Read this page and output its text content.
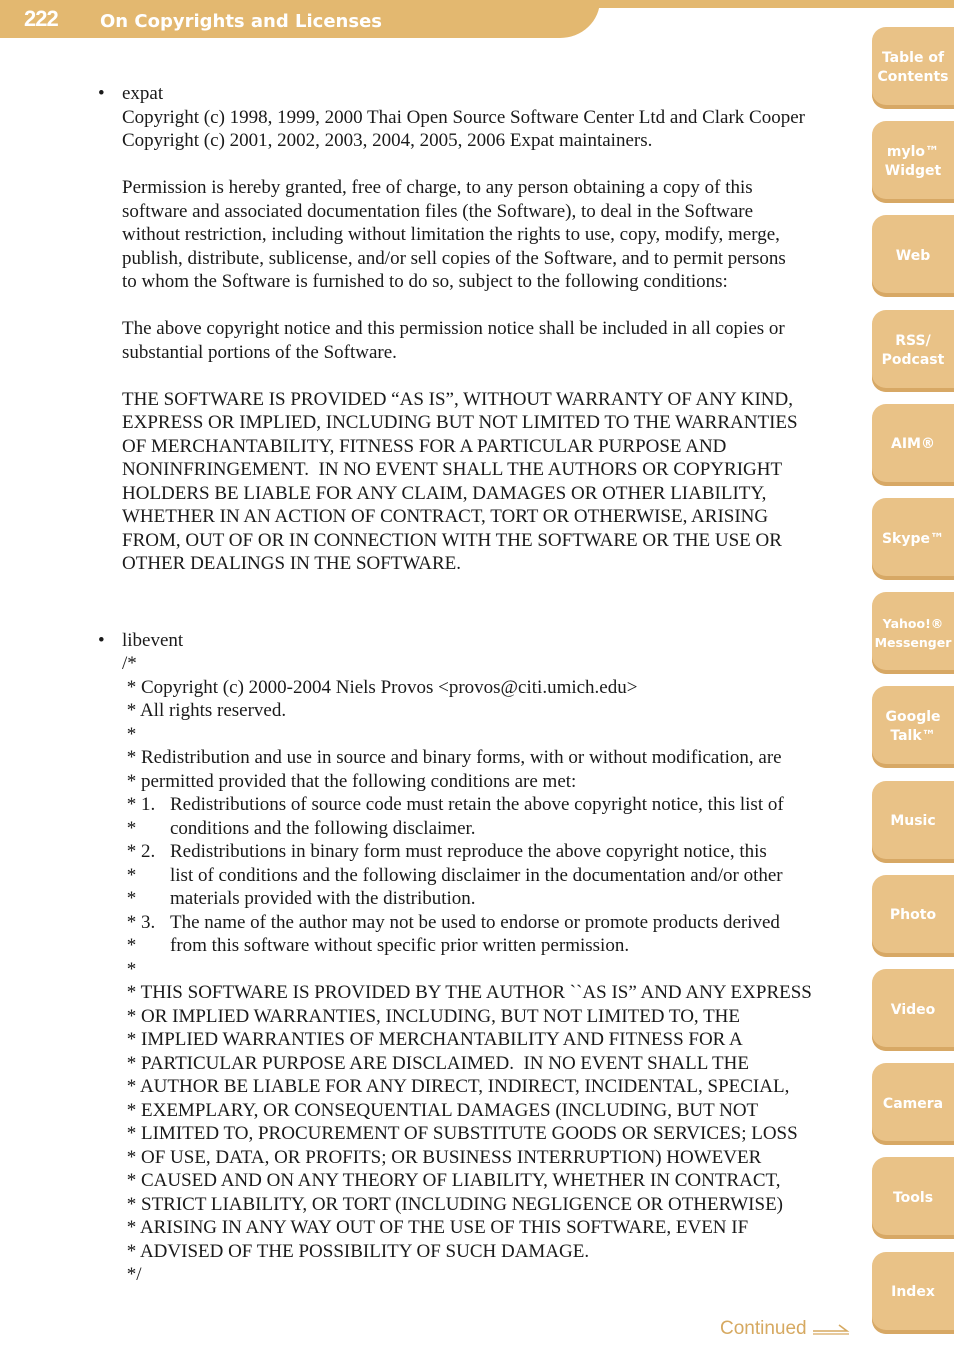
222 On Copyrights and Licenses
Table of
Contents
mylo™
Widget
Web
RSS/
Podcast
AIM®
Skype™
Yahoo!®
Messenger
Google
Talk™
Music
Photo
Video
Camera
Tools
Index
• expat
Copyright (c) 1998, 1999, 2000 Thai Open Source Software Center Ltd and Clark Cooper
Copyright (c) 2001, 2002, 2003, 2004, 2005, 2006 Expat maintainers.
Permission is hereby granted, free of charge, to any person obtaining a copy of this
software and associated documentation files (the Software), to deal in the Software
without restriction, including without limitation the rights to use, copy, modify, merge,
publish, distribute, sublicense, and/or sell copies of the Software, and to permit persons
to whom the Software is furnished to do so, subject to the following conditions:
The above copyright notice and this permission notice shall be included in all copies or
substantial portions of the Software.
THE SOFTWARE IS PROVIDED “AS IS”, WITHOUT WARRANTY OF ANY KIND,
EXPRESS OR IMPLIED, INCLUDING BUT NOT LIMITED TO THE WARRANTIES
OF MERCHANTABILITY, FITNESS FOR A PARTICULAR PURPOSE AND
NONINFRINGEMENT.  IN NO EVENT SHALL THE AUTHORS OR COPYRIGHT
HOLDERS BE LIABLE FOR ANY CLAIM, DAMAGES OR OTHER LIABILITY,
WHETHER IN AN ACTION OF CONTRACT, TORT OR OTHERWISE, ARISING
FROM, OUT OF OR IN CONNECTION WITH THE SOFTWARE OR THE USE OR
OTHER DEALINGS IN THE SOFTWARE.
• libevent
/*
* Copyright (c) 2000-2004 Niels Provos <provos@citi.umich.edu>
* All rights reserved.
*
* Redistribution and use in source and binary forms, with or without modification, are
* permitted provided that the following conditions are met:
* 1. Redistributions of source code must retain the above copyright notice, this list of
*	conditions and the following disclaimer.
* 2. Redistributions in binary form must reproduce the above copyright notice, this
*	list of conditions and the following disclaimer in the documentation and/or other
*	materials provided with the distribution.
* 3. The name of the author may not be used to endorse or promote products derived
*	from this software without specific prior written permission.
*
* THIS SOFTWARE IS PROVIDED BY THE AUTHOR ``AS IS” AND ANY EXPRESS
* OR IMPLIED WARRANTIES, INCLUDING, BUT NOT LIMITED TO, THE
* IMPLIED WARRANTIES OF MERCHANTABILITY AND FITNESS FOR A
* PARTICULAR PURPOSE ARE DISCLAIMED.  IN NO EVENT SHALL THE
* AUTHOR BE LIABLE FOR ANY DIRECT, INDIRECT, INCIDENTAL, SPECIAL,
* EXEMPLARY, OR CONSEQUENTIAL DAMAGES (INCLUDING, BUT NOT
* LIMITED TO, PROCUREMENT OF SUBSTITUTE GOODS OR SERVICES; LOSS
* OF USE, DATA, OR PROFITS; OR BUSINESS INTERRUPTION) HOWEVER
* CAUSED AND ON ANY THEORY OF LIABILITY, WHETHER IN CONTRACT,
* STRICT LIABILITY, OR TORT (INCLUDING NEGLIGENCE OR OTHERWISE)
* ARISING IN ANY WAY OUT OF THE USE OF THIS SOFTWARE, EVEN IF
* ADVISED OF THE POSSIBILITY OF SUCH DAMAGE.
*/
Continued
